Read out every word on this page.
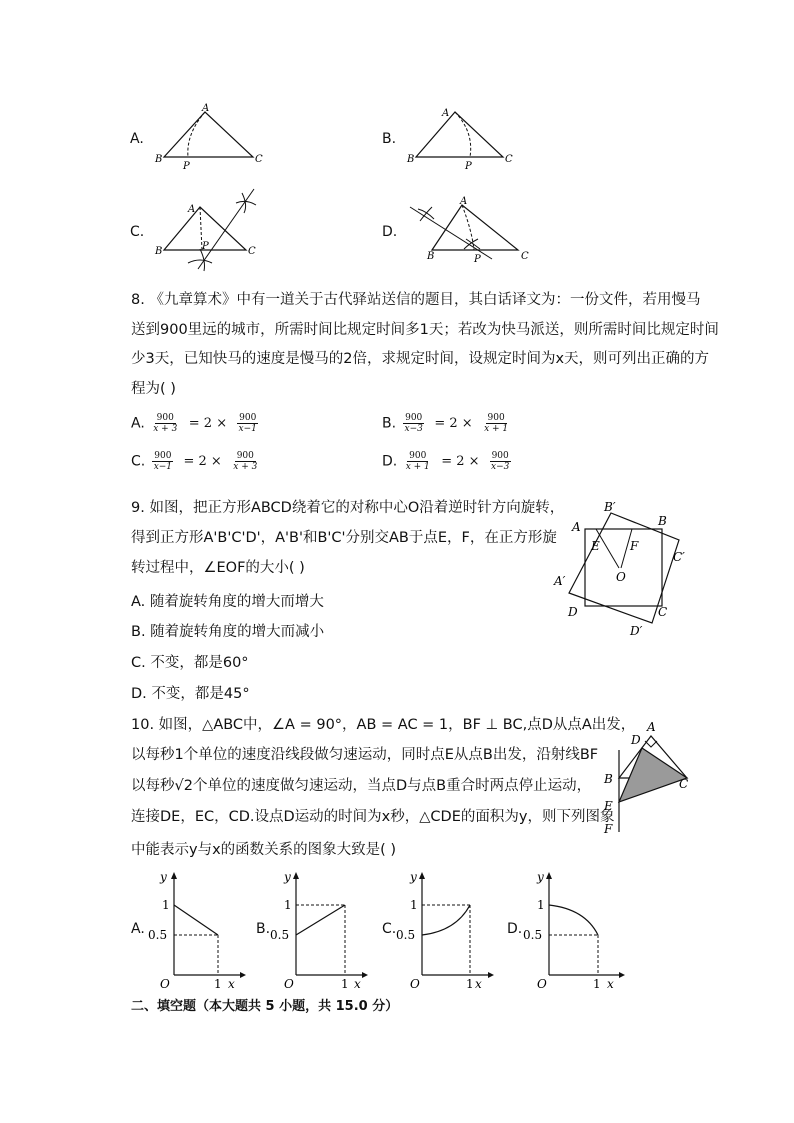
A.	B.
C.	D.
A
B	C
P
A
B	C
P
A
B	C
P
A
B	C
P
8. 《九章算术》中有一道关于古代驿站送信的题目，其白话译文为：一份文件，若用慢马
送到900里远的城市，所需时间比规定时间多1天；若改为快马派送，则所需时间比规定时间
少3天，已知快马的速度是慢马的2倍，求规定时间，设规定时间为x天，则可列出正确的方
程为( )
A. $\frac{900}{x + 3} = 2 \times \frac{900}{x-1}$	B. $\frac{900}{x-3} = 2 \times \frac{900}{x + 1}$
C. $\frac{900}{x-1} = 2 \times \frac{900}{x + 3}$	D. $\frac{900}{x + 1} = 2 \times \frac{900}{x-3}$
9. 如图，把正方形ABCD绕着它的对称中心O沿着逆时针方向旋转，
得到正方形A'B'C'D'，A'B'和B'C'分别交AB于点E，F，在正方形旋
转过程中，∠EOF的大小( )
A. 随着旋转角度的增大而增大
B. 随着旋转角度的增大而减小
C. 不变，都是60°
D. 不变，都是45°
A
B′
B
E	F
C′
A′	O
D	C
D′
10. 如图，△ABC中，∠A = 90°，AB = AC = 1，BF ⊥ BC,点D从点A出发，
以每秒1个单位的速度沿线段做匀速运动，同时点E从点B出发，沿射线BF
以每秒√2个单位的速度做匀速运动，当点D与点B重合时两点停止运动，
连接DE，EC，CD.设点D运动的时间为x秒，△CDE的面积为y，则下列图象
中能表示y与x的函数关系的图象大致是( )
A
D
B	C
E
F
A.	B.	C.	D.
y
1
0.5
O	1 x
y
1
0.5
O	1 x
y
1
0.5
O	1 x
y
1
0.5
O	1 x
二、填空题（本大题共 5 小题，共 15.0 分）
